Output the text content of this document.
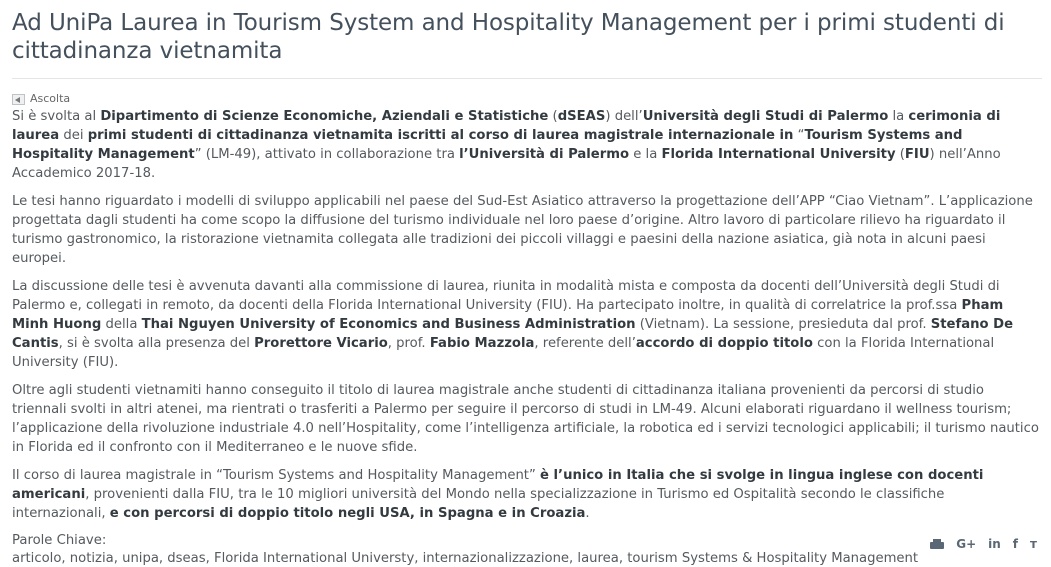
Ad UniPa Laurea in Tourism System and Hospitality Management per i primi studenti di cittadinanza vietnamita
Ascolta

Si è svolta al Dipartimento di Scienze Economiche, Aziendali e Statistiche (dSEAS) dell’Università degli Studi di Palermo la cerimonia di laurea dei primi studenti di cittadinanza vietnamita iscritti al corso di laurea magistrale internazionale in “Tourism Systems and Hospitality Management” (LM-49), attivato in collaborazione tra l’Università di Palermo e la Florida International University (FIU) nell’Anno Accademico 2017-18.

Le tesi hanno riguardato i modelli di sviluppo applicabili nel paese del Sud-Est Asiatico attraverso la progettazione dell’APP “Ciao Vietnam”. L’applicazione progettata dagli studenti ha come scopo la diffusione del turismo individuale nel loro paese d’origine. Altro lavoro di particolare rilievo ha riguardato il turismo gastronomico, la ristorazione vietnamita collegata alle tradizioni dei piccoli villaggi e paesini della nazione asiatica, già nota in alcuni paesi europei.

La discussione delle tesi è avvenuta davanti alla commissione di laurea, riunita in modalità mista e composta da docenti dell’Università degli Studi di Palermo e, collegati in remoto, da docenti della Florida International University (FIU). Ha partecipato inoltre, in qualità di correlatrice la prof.ssa Pham Minh Huong della Thai Nguyen University of Economics and Business Administration (Vietnam). La sessione, presieduta dal prof. Stefano De Cantis, si è svolta alla presenza del Prorettore Vicario, prof. Fabio Mazzola, referente dell’accordo di doppio titolo con la Florida International University (FIU).

Oltre agli studenti vietnamiti hanno conseguito il titolo di laurea magistrale anche studenti di cittadinanza italiana provenienti da percorsi di studio triennali svolti in altri atenei, ma rientrati o trasferiti a Palermo per seguire il percorso di studi in LM-49. Alcuni elaborati riguardano il wellness tourism; l’applicazione della rivoluzione industriale 4.0 nell’Hospitality, come l’intelligenza artificiale, la robotica ed i servizi tecnologici applicabili; il turismo nautico in Florida ed il confronto con il Mediterraneo e le nuove sfide.

Il corso di laurea magistrale in “Tourism Systems and Hospitality Management” è l’unico in Italia che si svolge in lingua inglese con docenti americani, provenienti dalla FIU, tra le 10 migliori università del Mondo nella specializzazione in Turismo ed Ospitalità secondo le classifiche internazionali, e con percorsi di doppio titolo negli USA, in Spagna e in Croazia.

Parole Chiave:
articolo, notizia, unipa, dseas, Florida International Universty, internazionalizzazione, laurea, tourism Systems & Hospitality Management
G+ in f ᴛ
